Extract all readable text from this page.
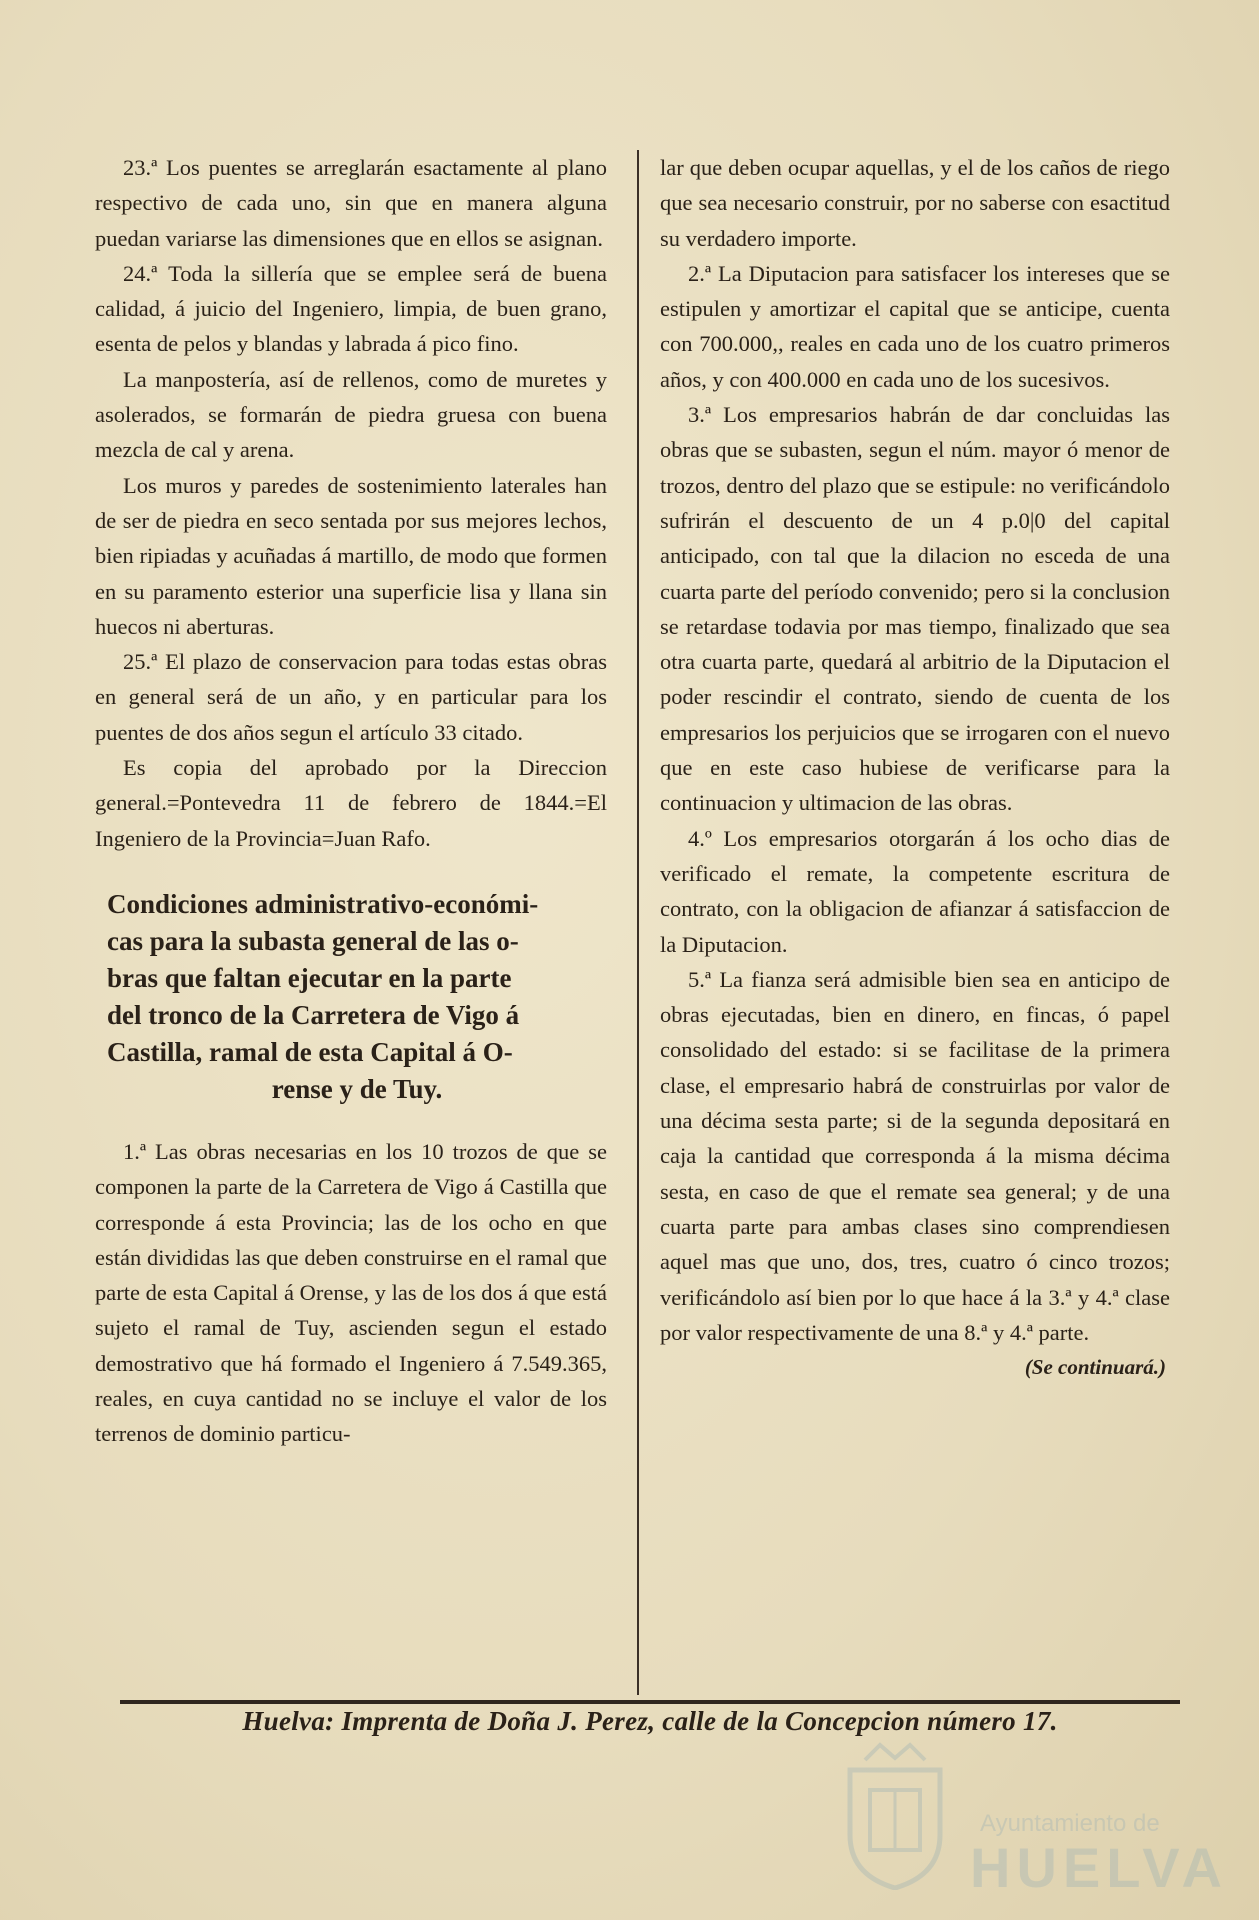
23.ª Los puentes se arreglarán esactamente al plano respectivo de cada uno, sin que en manera alguna puedan variarse las dimensiones que en ellos se asignan.

24.ª Toda la sillería que se emplee será de buena calidad, á juicio del Ingeniero, limpia, de buen grano, esenta de pelos y blandas y labrada á pico fino.

La manpostería, así de rellenos, como de muretes y asolerados, se formarán de piedra gruesa con buena mezcla de cal y arena.

Los muros y paredes de sostenimiento laterales han de ser de piedra en seco sentada por sus mejores lechos, bien ripiadas y acuñadas á martillo, de modo que formen en su paramento esterior una superficie lisa y llana sin huecos ni aberturas.

25.ª El plazo de conservacion para todas estas obras en general será de un año, y en particular para los puentes de dos años segun el artículo 33 citado.

Es copia del aprobado por la Direccion general.=Pontevedra 11 de febrero de 1844.=El Ingeniero de la Provincia=Juan Rafo.

Condiciones administrativo-económi-
cas para la subasta general de las o-
bras que faltan ejecutar en la parte
del tronco de la Carretera de Vigo á
Castilla, ramal de esta Capital á O-
rense y de Tuy.

1.ª Las obras necesarias en los 10 trozos de que se componen la parte de la Carretera de Vigo á Castilla que corresponde á esta Provincia; las de los ocho en que están divididas las que deben construirse en el ramal que parte de esta Capital á Orense, y las de los dos á que está sujeto el ramal de Tuy, ascienden segun el estado demostrativo que há formado el Ingeniero á 7.549.365, reales, en cuya cantidad no se incluye el valor de los terrenos de dominio particu-

lar que deben ocupar aquellas, y el de los caños de riego que sea necesario construir, por no saberse con esactitud su verdadero importe.

2.ª La Diputacion para satisfacer los intereses que se estipulen y amortizar el capital que se anticipe, cuenta con 700.000,, reales en cada uno de los cuatro primeros años, y con 400.000 en cada uno de los sucesivos.

3.ª Los empresarios habrán de dar concluidas las obras que se subasten, segun el núm. mayor ó menor de trozos, dentro del plazo que se estipule: no verificándolo sufrirán el descuento de un 4 p.0|0 del capital anticipado, con tal que la dilacion no esceda de una cuarta parte del período convenido; pero si la conclusion se retardase todavia por mas tiempo, finalizado que sea otra cuarta parte, quedará al arbitrio de la Diputacion el poder rescindir el contrato, siendo de cuenta de los empresarios los perjuicios que se irrogaren con el nuevo que en este caso hubiese de verificarse para la continuacion y ultimacion de las obras.

4.º Los empresarios otorgarán á los ocho dias de verificado el remate, la competente escritura de contrato, con la obligacion de afianzar á satisfaccion de la Diputacion.

5.ª La fianza será admisible bien sea en anticipo de obras ejecutadas, bien en dinero, en fincas, ó papel consolidado del estado: si se facilitase de la primera clase, el empresario habrá de construirlas por valor de una décima sesta parte; si de la segunda depositará en caja la cantidad que corresponda á la misma décima sesta, en caso de que el remate sea general; y de una cuarta parte para ambas clases sino comprendiesen aquel mas que uno, dos, tres, cuatro ó cinco trozos; verificándolo así bien por lo que hace á la 3.ª y 4.ª clase por valor respectivamente de una 8.ª y 4.ª parte.

(Se continuará.)

Huelva: Imprenta de Doña J. Perez, calle de la Concepcion número 17.
Ayuntamiento de
HUELVA
